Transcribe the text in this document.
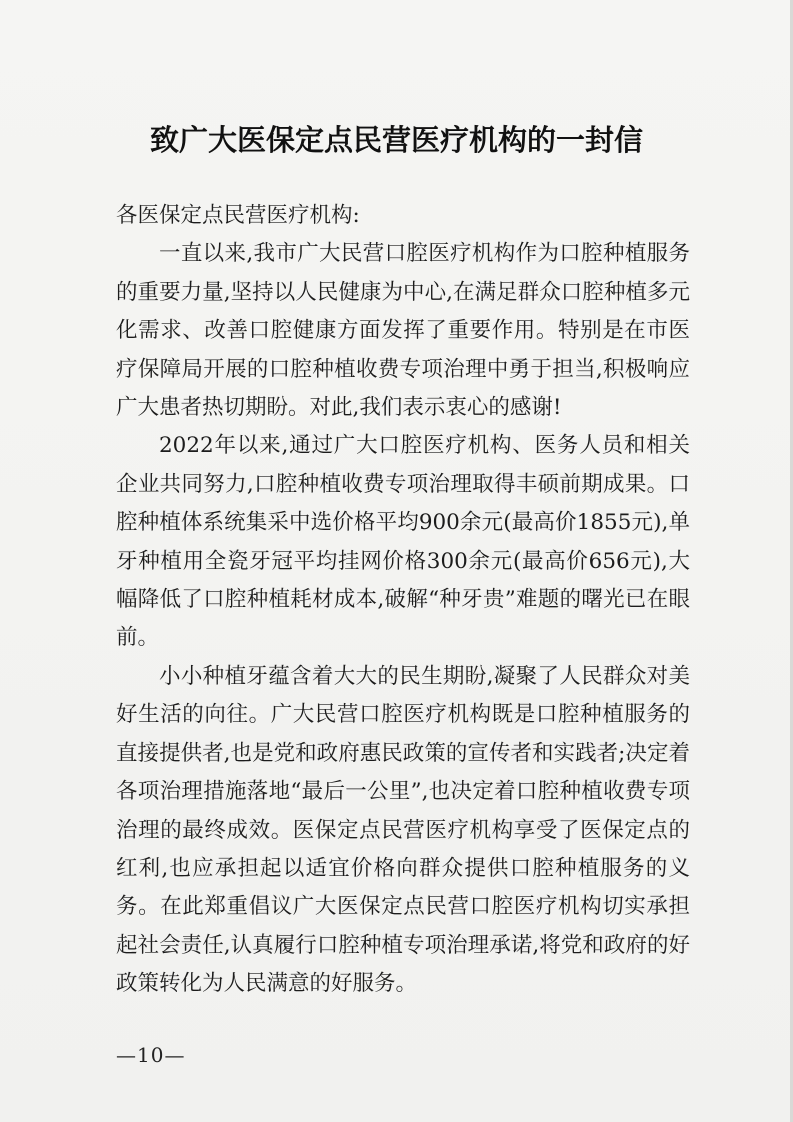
致广大医保定点民营医疗机构的一封信

各医保定点民营医疗机构:

一直以来,我市广大民营口腔医疗机构作为口腔种植服务的重要力量,坚持以人民健康为中心,在满足群众口腔种植多元化需求、改善口腔健康方面发挥了重要作用。特别是在市医疗保障局开展的口腔种植收费专项治理中勇于担当,积极响应广大患者热切期盼。对此,我们表示衷心的感谢!

2022年以来,通过广大口腔医疗机构、医务人员和相关企业共同努力,口腔种植收费专项治理取得丰硕前期成果。口腔种植体系统集采中选价格平均900余元(最高价1855元),单牙种植用全瓷牙冠平均挂网价格300余元(最高价656元),大幅降低了口腔种植耗材成本,破解“种牙贵”难题的曙光已在眼前。

小小种植牙蕴含着大大的民生期盼,凝聚了人民群众对美好生活的向往。广大民营口腔医疗机构既是口腔种植服务的直接提供者,也是党和政府惠民政策的宣传者和实践者;决定着各项治理措施落地“最后一公里”,也决定着口腔种植收费专项治理的最终成效。医保定点民营医疗机构享受了医保定点的红利,也应承担起以适宜价格向群众提供口腔种植服务的义务。在此郑重倡议广大医保定点民营口腔医疗机构切实承担起社会责任,认真履行口腔种植专项治理承诺,将党和政府的好政策转化为人民满意的好服务。

—10—
